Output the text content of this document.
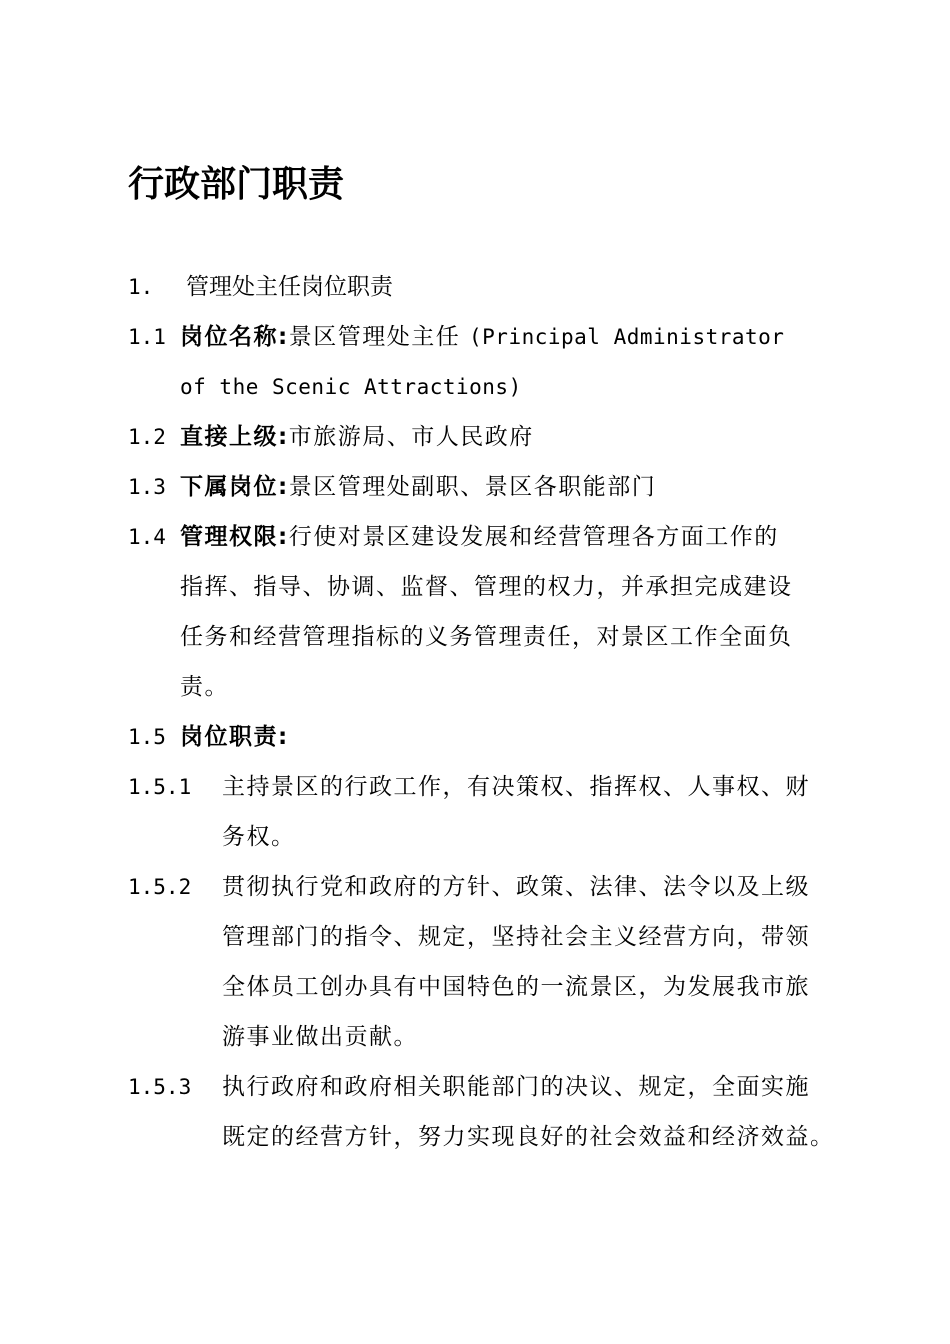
行政部门职责
1. 管理处主任岗位职责
1.1 岗位名称:景区管理处主任 (Principal Administrator
of the Scenic Attractions)
1.2 直接上级:市旅游局、市人民政府
1.3 下属岗位:景区管理处副职、景区各职能部门
1.4 管理权限:行使对景区建设发展和经营管理各方面工作的
指挥、指导、协调、监督、管理的权力，并承担完成建设
任务和经营管理指标的义务管理责任，对景区工作全面负
责。
1.5 岗位职责:
1.5.1 主持景区的行政工作，有决策权、指挥权、人事权、财
务权。
1.5.2 贯彻执行党和政府的方针、政策、法律、法令以及上级
管理部门的指令、规定，坚持社会主义经营方向，带领
全体员工创办具有中国特色的一流景区，为发展我市旅
游事业做出贡献。
1.5.3 执行政府和政府相关职能部门的决议、规定，全面实施
既定的经营方针，努力实现良好的社会效益和经济效益。
